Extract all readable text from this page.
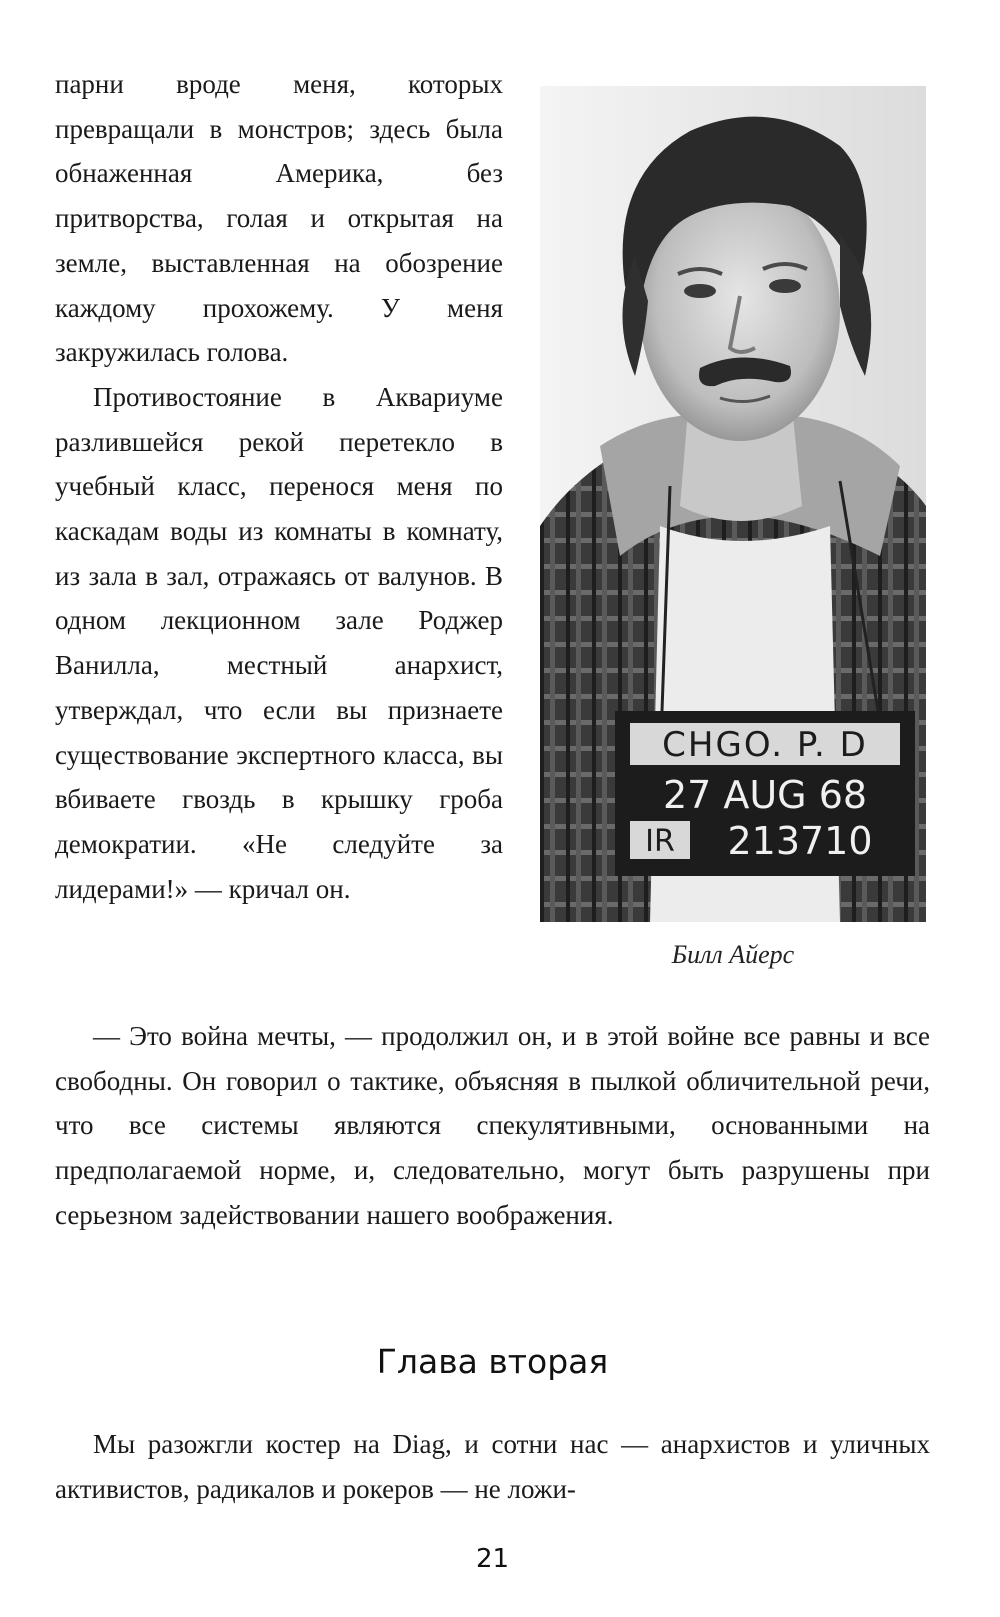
парни вроде меня, которых превращали в монстров; здесь была обнаженная Америка, без притворства, голая и открытая на земле, выставленная на обозрение каждому прохожему. У меня закружилась голова.

Противостояние в Аквариуме разлившейся рекой перетекло в учебный класс, перенося меня по каскадам воды из комнаты в комнату, из зала в зал, отражаясь от валунов. В одном лекционном зале Роджер Ванилла, местный анархист, утверждал, что если вы признаете существование экспертного класса, вы вбиваете гвоздь в крышку гроба демократии. «Не следуйте за лидерами!» — кричал он.

CHGO. P. D
27 AUG 68
IR 213710
Билл Айерс

— Это война мечты, — продолжил он, и в этой войне все равны и все свободны. Он говорил о тактике, объясняя в пылкой обличительной речи, что все системы являются спекулятивными, основанными на предполагаемой норме, и, следовательно, могут быть разрушены при серьезном задействовании нашего воображения.

Глава вторая

Мы разожгли костер на Diag, и сотни нас — анархистов и уличных активистов, радикалов и рокеров — не ложи-

21
